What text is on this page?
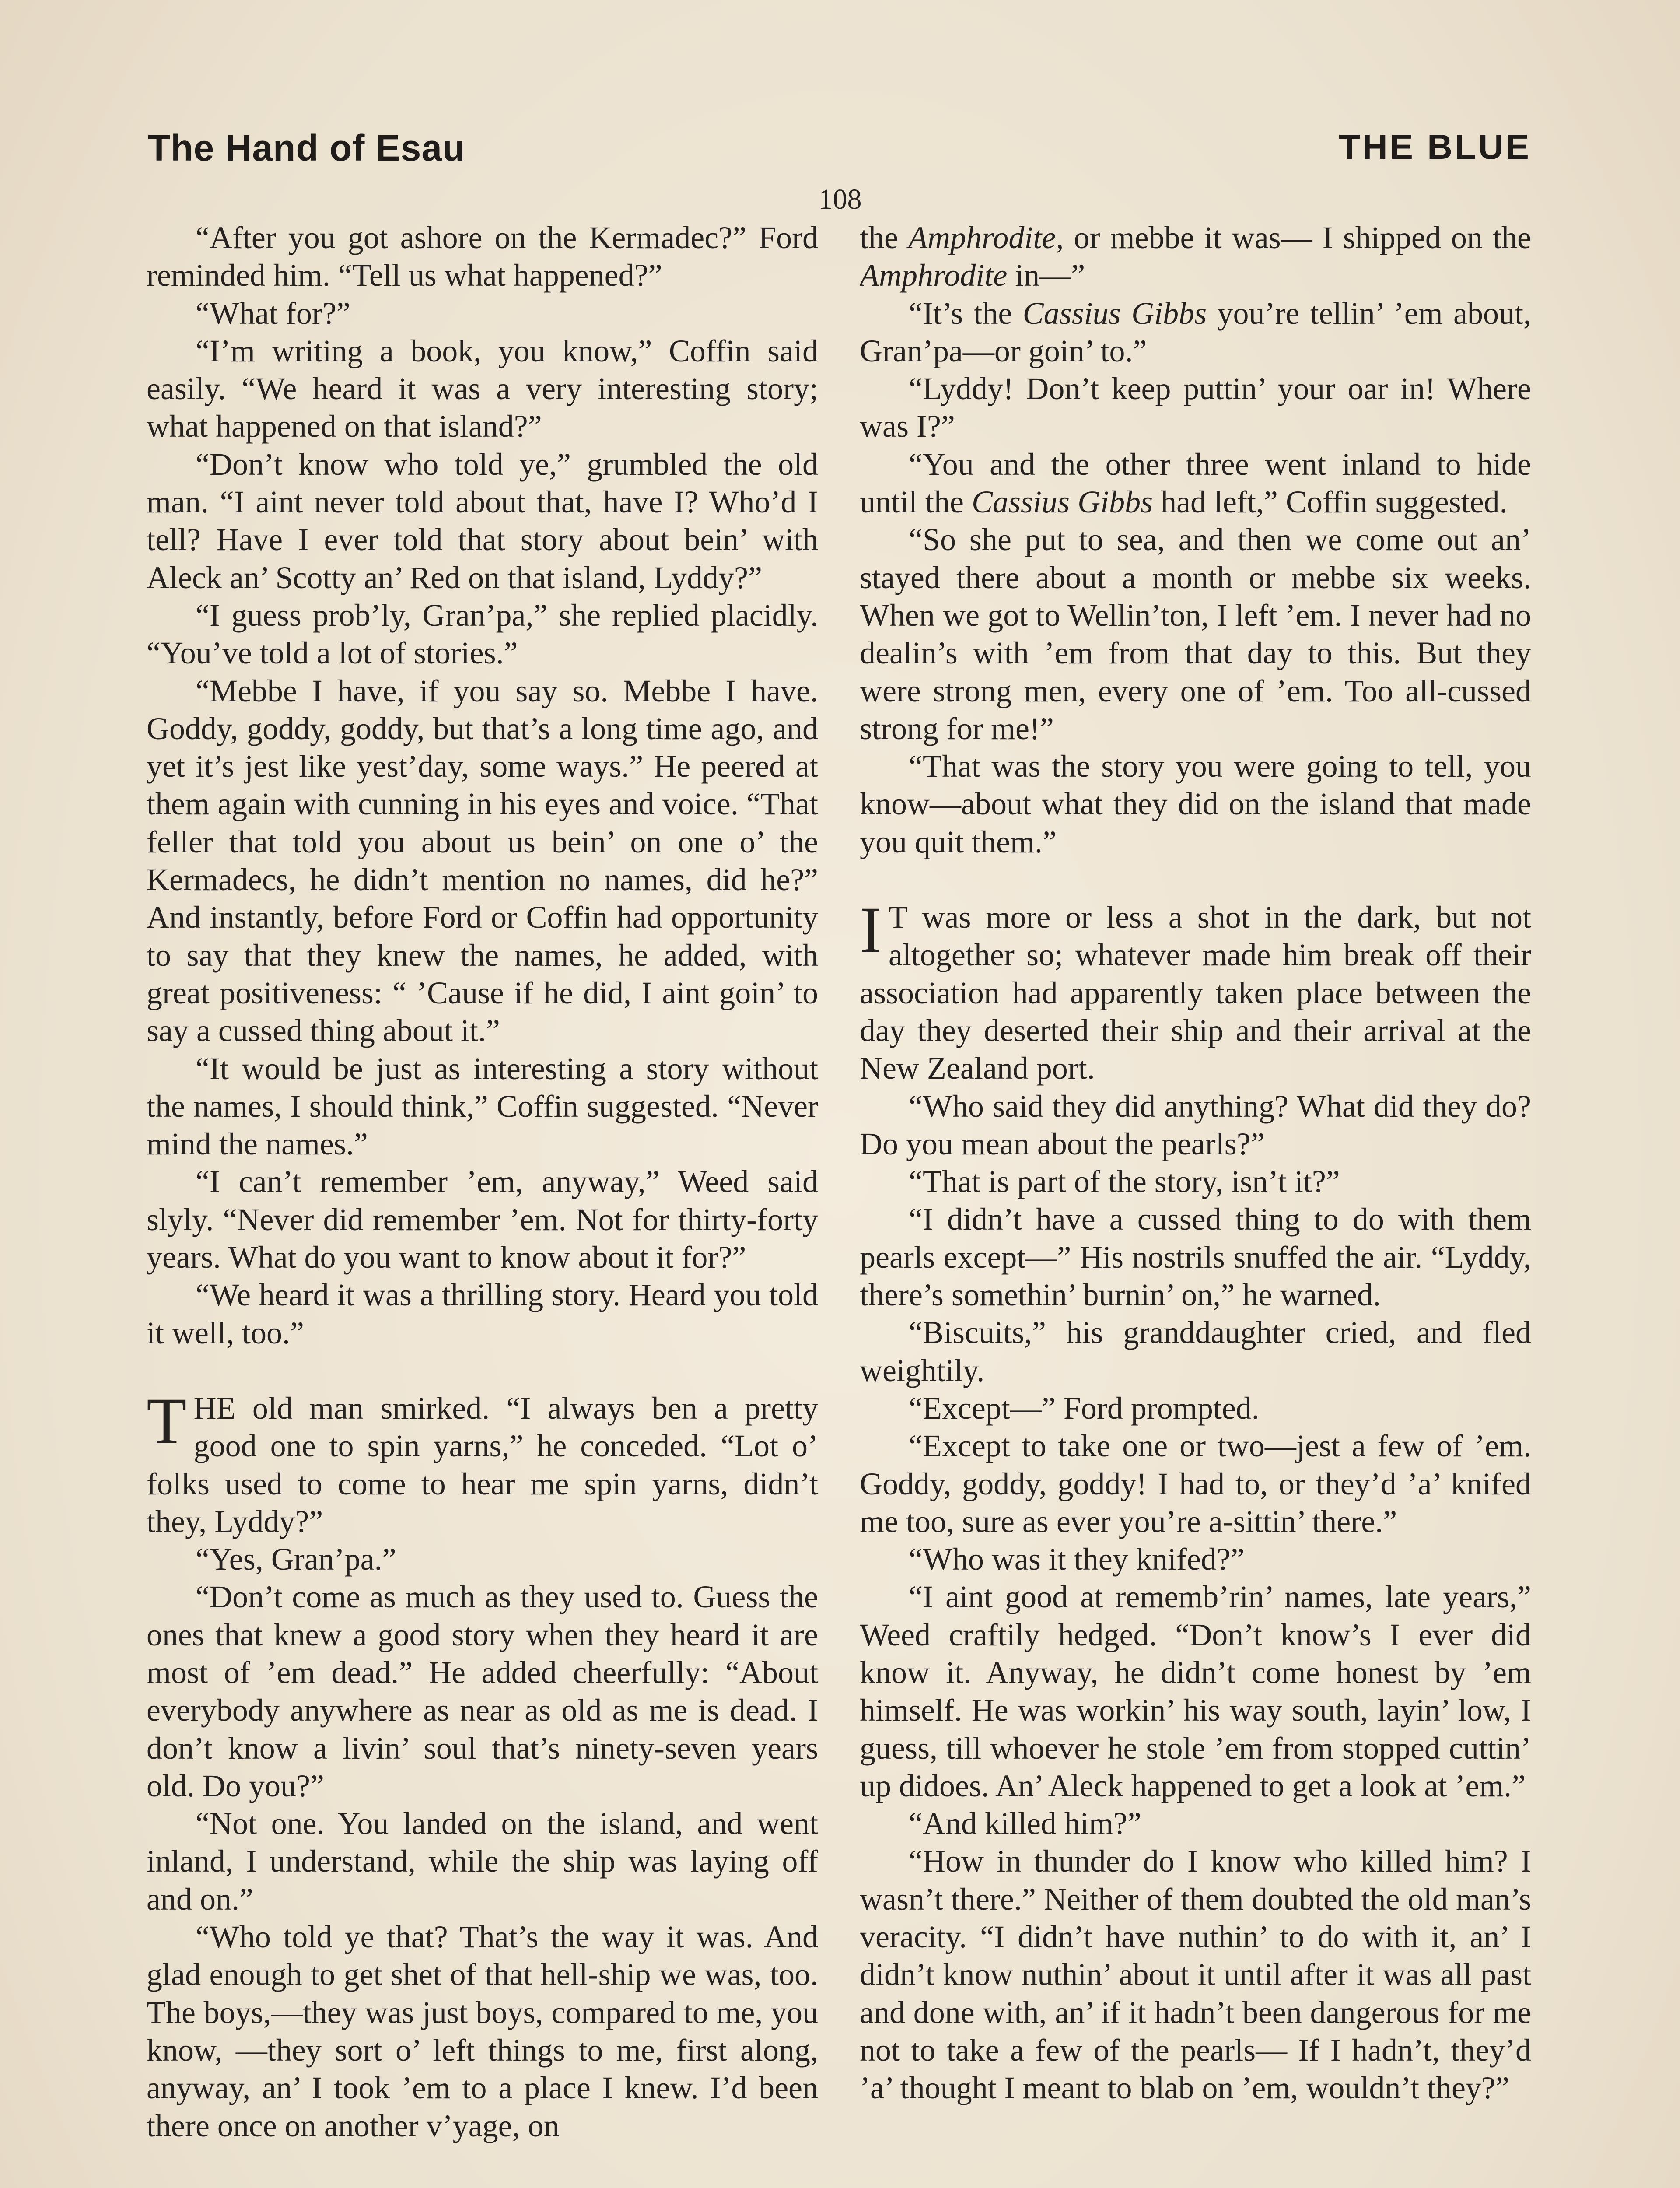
The Hand of Esau	THE BLUE
108

“After you got ashore on the Kermadec?” Ford reminded him. “Tell us what happened?”

“What for?”

“I’m writing a book, you know,” Coffin said easily. “We heard it was a very interesting story; what happened on that island?”

“Don’t know who told ye,” grumbled the old man. “I aint never told about that, have I? Who’d I tell? Have I ever told that story about bein’ with Aleck an’ Scotty an’ Red on that island, Lyddy?”

“I guess prob’ly, Gran’pa,” she replied placidly. “You’ve told a lot of stories.”

“Mebbe I have, if you say so. Mebbe I have. Goddy, goddy, goddy, but that’s a long time ago, and yet it’s jest like yest’day, some ways.” He peered at them again with cunning in his eyes and voice. “That feller that told you about us bein’ on one o’ the Kermadecs, he didn’t mention no names, did he?” And instantly, before Ford or Coffin had opportunity to say that they knew the names, he added, with great positiveness: “ ’Cause if he did, I aint goin’ to say a cussed thing about it.”

“It would be just as interesting a story without the names, I should think,” Coffin suggested. “Never mind the names.”

“I can’t remember ’em, anyway,” Weed said slyly. “Never did remember ’em. Not for thirty-forty years. What do you want to know about it for?”

“We heard it was a thrilling story. Heard you told it well, too.”

THE old man smirked. “I always ben a pretty good one to spin yarns,” he conceded. “Lot o’ folks used to come to hear me spin yarns, didn’t they, Lyddy?”

“Yes, Gran’pa.”

“Don’t come as much as they used to. Guess the ones that knew a good story when they heard it are most of ’em dead.” He added cheerfully: “About everybody anywhere as near as old as me is dead. I don’t know a livin’ soul that’s ninety-seven years old. Do you?”

“Not one. You landed on the island, and went inland, I understand, while the ship was laying off and on.”

“Who told ye that? That’s the way it was. And glad enough to get shet of that hell-ship we was, too. The boys,—they was just boys, compared to me, you know, —they sort o’ left things to me, first along, anyway, an’ I took ’em to a place I knew. I’d been there once on another v’yage, on

the Amphrodite, or mebbe it was— I shipped on the Amphrodite in—”

“It’s the Cassius Gibbs you’re tellin’ ’em about, Gran’pa—or goin’ to.”

“Lyddy! Don’t keep puttin’ your oar in! Where was I?”

“You and the other three went inland to hide until the Cassius Gibbs had left,” Coffin suggested.

“So she put to sea, and then we come out an’ stayed there about a month or mebbe six weeks. When we got to Wellin’ton, I left ’em. I never had no dealin’s with ’em from that day to this. But they were strong men, every one of ’em. Too all-cussed strong for me!”

“That was the story you were going to tell, you know—about what they did on the island that made you quit them.”

I T was more or less a shot in the dark, but not altogether so; whatever made him break off their association had apparently taken place between the day they deserted their ship and their arrival at the New Zealand port.

“Who said they did anything? What did they do? Do you mean about the pearls?”

“That is part of the story, isn’t it?”

“I didn’t have a cussed thing to do with them pearls except—” His nostrils snuffed the air. “Lyddy, there’s somethin’ burnin’ on,” he warned.

“Biscuits,” his granddaughter cried, and fled weightily.

“Except—” Ford prompted.

“Except to take one or two—jest a few of ’em. Goddy, goddy, goddy! I had to, or they’d ’a’ knifed me too, sure as ever you’re a-sittin’ there.”

“Who was it they knifed?”

“I aint good at rememb’rin’ names, late years,” Weed craftily hedged. “Don’t know’s I ever did know it. Anyway, he didn’t come honest by ’em himself. He was workin’ his way south, layin’ low, I guess, till whoever he stole ’em from stopped cuttin’ up didoes. An’ Aleck happened to get a look at ’em.”

“And killed him?”

“How in thunder do I know who killed him? I wasn’t there.” Neither of them doubted the old man’s veracity. “I didn’t have nuthin’ to do with it, an’ I didn’t know nuthin’ about it until after it was all past and done with, an’ if it hadn’t been dangerous for me not to take a few of the pearls— If I hadn’t, they’d ’a’ thought I meant to blab on ’em, wouldn’t they?”
